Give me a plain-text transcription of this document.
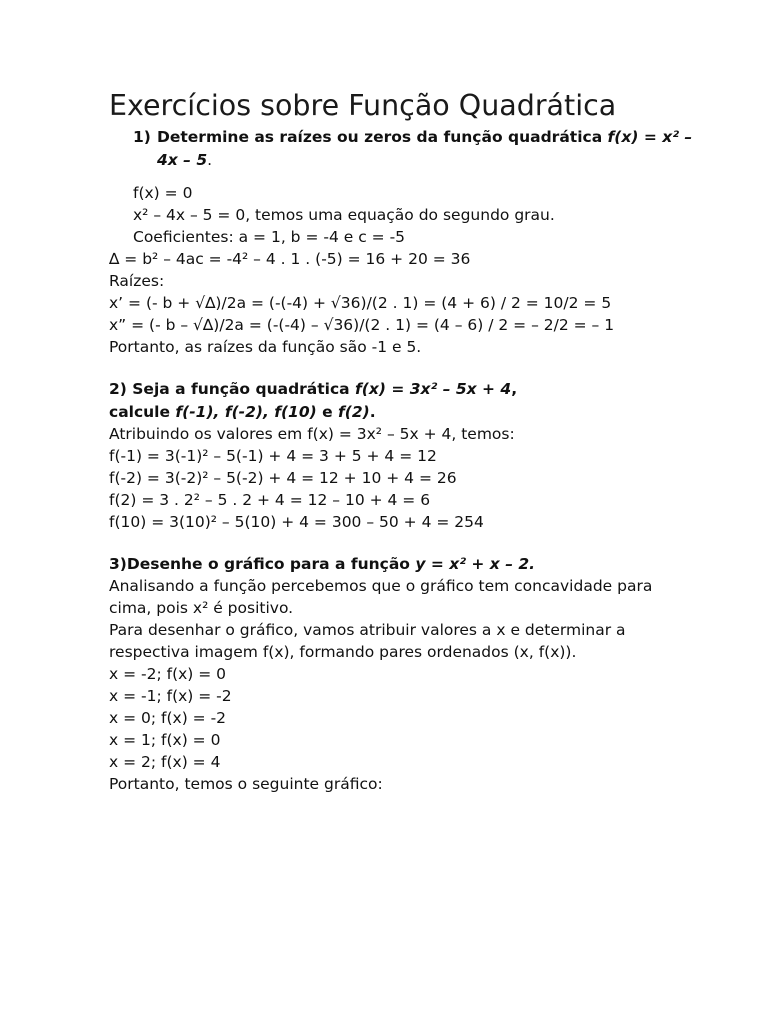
Exercícios sobre Função Quadrática
1) Determine as raízes ou zeros da função quadrática f(x) = x² –
4x – 5.
f(x) = 0
x² – 4x – 5 = 0, temos uma equação do segundo grau.
Coeficientes: a = 1, b = -4 e c = -5
∆ = b² – 4ac = -4² – 4 . 1 . (-5) = 16 + 20 = 36
Raízes:
x’ = (- b + √∆)/2a = (-(-4) + √36)/(2 . 1) = (4 + 6) / 2 = 10/2 = 5
x” = (- b – √∆)/2a = (-(-4) – √36)/(2 . 1) = (4 – 6) / 2 = – 2/2 = – 1
Portanto, as raízes da função são -1 e 5.
2) Seja a função quadrática f(x) = 3x² – 5x + 4,
calcule f(-1), f(-2), f(10) e f(2).
Atribuindo os valores em f(x) = 3x² – 5x + 4, temos:
f(-1) = 3(-1)² – 5(-1) + 4 = 3 + 5 + 4 = 12
f(-2) = 3(-2)² – 5(-2) + 4 = 12 + 10 + 4 = 26
f(2) = 3 . 2² – 5 . 2 + 4 = 12 – 10 + 4 = 6
f(10) = 3(10)² – 5(10) + 4 = 300 – 50 + 4 = 254
3)Desenhe o gráfico para a função y = x² + x – 2.
Analisando a função percebemos que o gráfico tem concavidade para
cima, pois x² é positivo.
Para desenhar o gráfico, vamos atribuir valores a x e determinar a
respectiva imagem f(x), formando pares ordenados (x, f(x)).
x = -2; f(x) = 0
x = -1; f(x) = -2
x = 0; f(x) = -2
x = 1; f(x) = 0
x = 2; f(x) = 4
Portanto, temos o seguinte gráfico:
